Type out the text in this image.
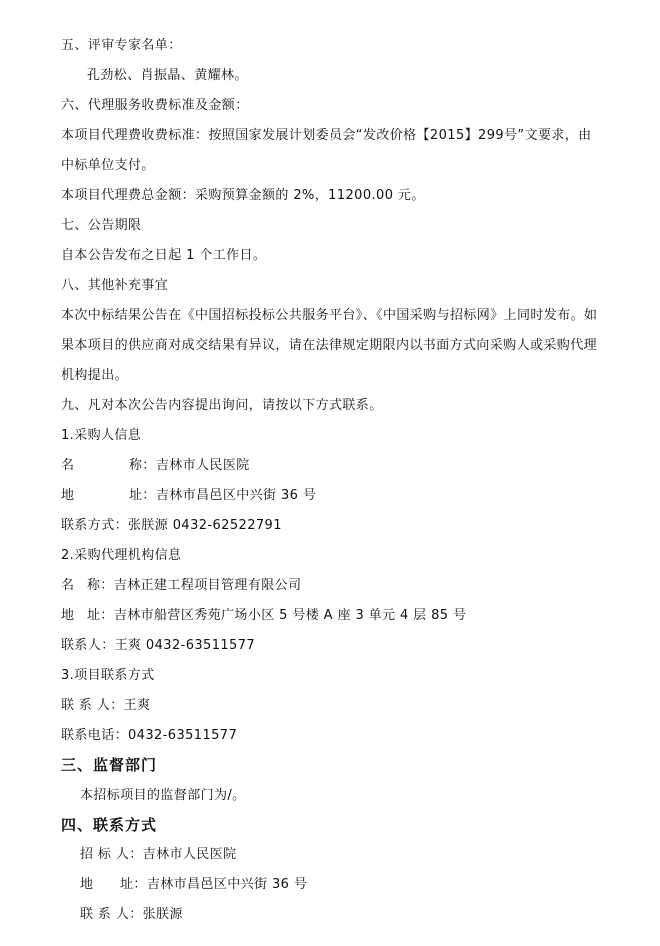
五、评审专家名单：
孔劲松、肖振晶、黄耀林。
六、代理服务收费标准及金额：
本项目代理费收费标准：按照国家发展计划委员会“发改价格【2015】299号”文要求，由
中标单位支付。
本项目代理费总金额：采购预算金额的 2%，11200.00 元。
七、公告期限
自本公告发布之日起 1 个工作日。
八、其他补充事宜
本次中标结果公告在《中国招标投标公共服务平台》、《中国采购与招标网》上同时发布。如
果本项目的供应商对成交结果有异议，请在法律规定期限内以书面方式向采购人或采购代理
机构提出。
九、凡对本次公告内容提出询问，请按以下方式联系。
1.采购人信息
名	称：吉林市人民医院
地	址：吉林市昌邑区中兴街 36 号
联系方式：张朕源 0432-62522791
2.采购代理机构信息
名 称：吉林正建工程项目管理有限公司
地 址：吉林市船营区秀苑广场小区 5 号楼 A 座 3 单元 4 层 85 号
联系人：王爽 0432-63511577
3.项目联系方式
联 系 人：王爽
联系电话：0432-63511577
三、监督部门
本招标项目的监督部门为/。
四、联系方式
招 标 人：吉林市人民医院
地 址：吉林市昌邑区中兴街 36 号
联 系 人：张朕源
